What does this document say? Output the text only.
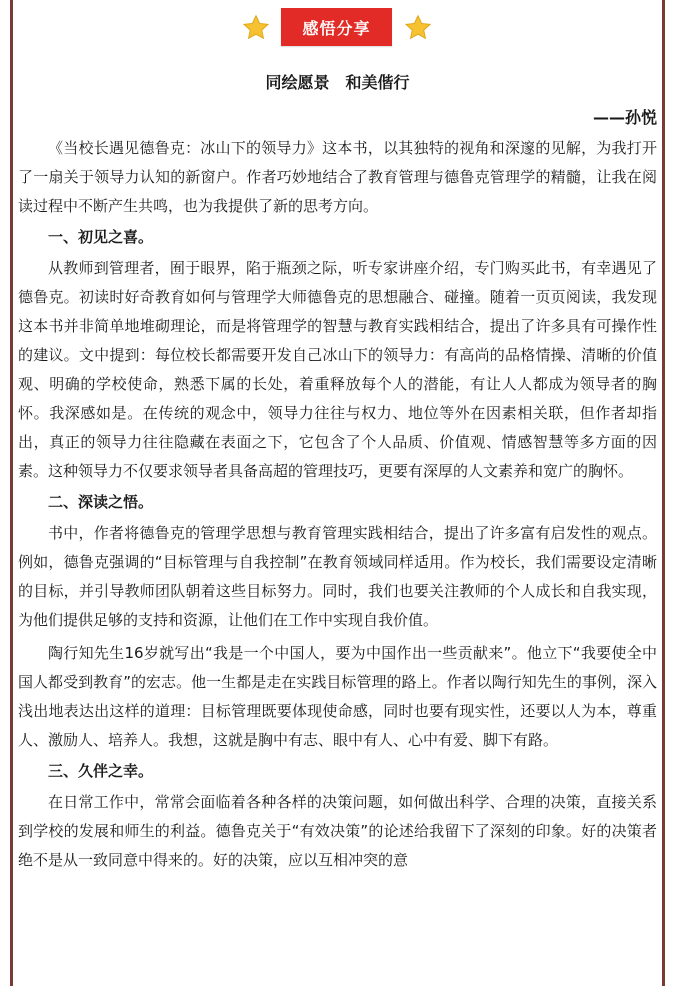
感悟分享
同绘愿景　和美偕行
——孙悦

《当校长遇见德鲁克：冰山下的领导力》这本书，以其独特的视角和深邃的见解，为我打开了一扇关于领导力认知的新窗户。作者巧妙地结合了教育管理与德鲁克管理学的精髓，让我在阅读过程中不断产生共鸣，也为我提供了新的思考方向。

一、初见之喜。

从教师到管理者，囿于眼界，陷于瓶颈之际，听专家讲座介绍，专门购买此书，有幸遇见了德鲁克。初读时好奇教育如何与管理学大师德鲁克的思想融合、碰撞。随着一页页阅读，我发现这本书并非简单地堆砌理论，而是将管理学的智慧与教育实践相结合，提出了许多具有可操作性的建议。文中提到：每位校长都需要开发自己冰山下的领导力：有高尚的品格情操、清晰的价值观、明确的学校使命，熟悉下属的长处，着重释放每个人的潜能，有让人人都成为领导者的胸怀。我深感如是。在传统的观念中，领导力往往与权力、地位等外在因素相关联，但作者却指出，真正的领导力往往隐藏在表面之下，它包含了个人品质、价值观、情感智慧等多方面的因素。这种领导力不仅要求领导者具备高超的管理技巧，更要有深厚的人文素养和宽广的胸怀。

二、深读之悟。

书中，作者将德鲁克的管理学思想与教育管理实践相结合，提出了许多富有启发性的观点。例如，德鲁克强调的“目标管理与自我控制”在教育领域同样适用。作为校长，我们需要设定清晰的目标，并引导教师团队朝着这些目标努力。同时，我们也要关注教师的个人成长和自我实现，为他们提供足够的支持和资源，让他们在工作中实现自我价值。

陶行知先生16岁就写出“我是一个中国人，要为中国作出一些贡献来”。他立下“我要使全中国人都受到教育”的宏志。他一生都是走在实践目标管理的路上。作者以陶行知先生的事例，深入浅出地表达出这样的道理：目标管理既要体现使命感，同时也要有现实性，还要以人为本，尊重人、激励人、培养人。我想，这就是胸中有志、眼中有人、心中有爱、脚下有路。

三、久伴之幸。

在日常工作中，常常会面临着各种各样的决策问题，如何做出科学、合理的决策，直接关系到学校的发展和师生的利益。德鲁克关于“有效决策”的论述给我留下了深刻的印象。好的决策者绝不是从一致同意中得来的。好的决策，应以互相冲突的意
